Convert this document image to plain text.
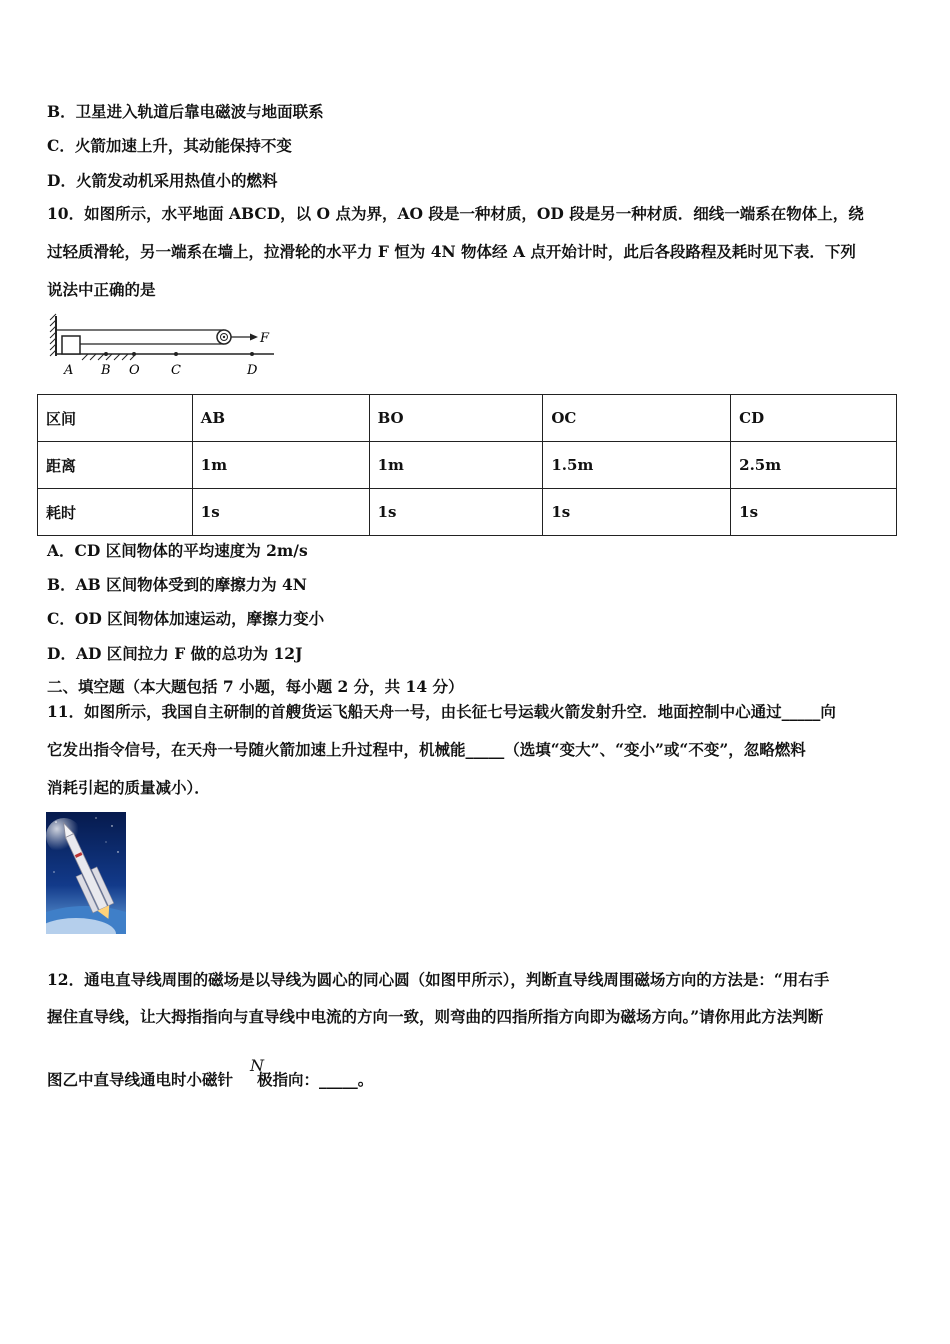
B．卫星进入轨道后靠电磁波与地面联系
C．火箭加速上升，其动能保持不变
D．火箭发动机采用热值小的燃料
10．如图所示，水平地面 ABCD，以 O 点为界，AO 段是一种材质，OD 段是另一种材质．细线一端系在物体上，绕
过轻质滑轮，另一端系在墙上，拉滑轮的水平力 F 恒为 4N 物体经 A 点开始计时，此后各段路程及耗时见下表．下列
说法中正确的是
F
A B O C	D
区间	AB	BO	OC	CD
距离	1m	1m	1.5m	2.5m
耗时	1s	1s	1s	1s
A．CD 区间物体的平均速度为 2m/s
B．AB 区间物体受到的摩擦力为 4N
C．OD 区间物体加速运动，摩擦力变小
D．AD 区间拉力 F 做的总功为 12J
二、填空题（本大题包括 7 小题，每小题 2 分，共 14 分）
11．如图所示，我国自主研制的首艘货运飞船天舟一号，由长征七号运载火箭发射升空．地面控制中心通过_____向
它发出指令信号，在天舟一号随火箭加速上升过程中，机械能_____（选填“变大”、“变小”或“不变”，忽略燃料
消耗引起的质量减小）．
12．通电直导线周围的磁场是以导线为圆心的同心圆（如图甲所示），判断直导线周围磁场方向的方法是：“用右手
握住直导线，让大拇指指向与直导线中电流的方向一致，则弯曲的四指所指方向即为磁场方向。”请你用此方法判断
图乙中直导线通电时小磁针 极指向：_____。
N
